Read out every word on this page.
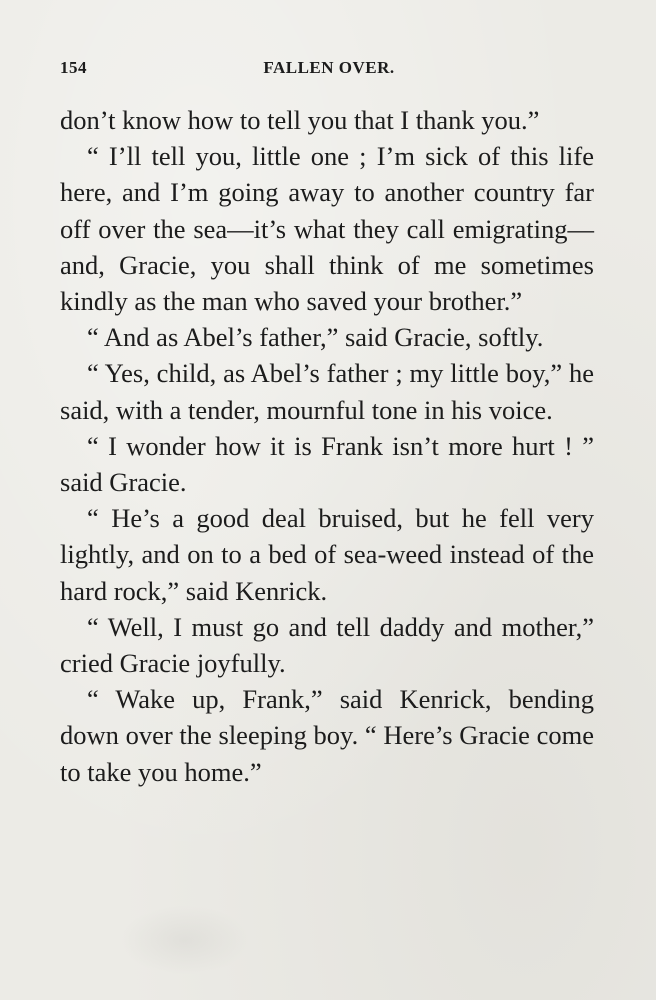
154	FALLEN OVER.

don’t know how to tell you that I thank you.”

“ I’ll tell you, little one ; I’m sick of this life here, and I’m going away to another country far off over the sea—it’s what they call emigrating—and, Gracie, you shall think of me sometimes kindly as the man who saved your brother.”

“ And as Abel’s father,” said Gracie, softly.

“ Yes, child, as Abel’s father ; my little boy,” he said, with a tender, mournful tone in his voice.

“ I wonder how it is Frank isn’t more hurt ! ” said Gracie.

“ He’s a good deal bruised, but he fell very lightly, and on to a bed of sea-weed instead of the hard rock,” said Kenrick.

“ Well, I must go and tell daddy and mother,” cried Gracie joyfully.

“ Wake up, Frank,” said Kenrick, bending down over the sleeping boy. “ Here’s Gracie come to take you home.”
